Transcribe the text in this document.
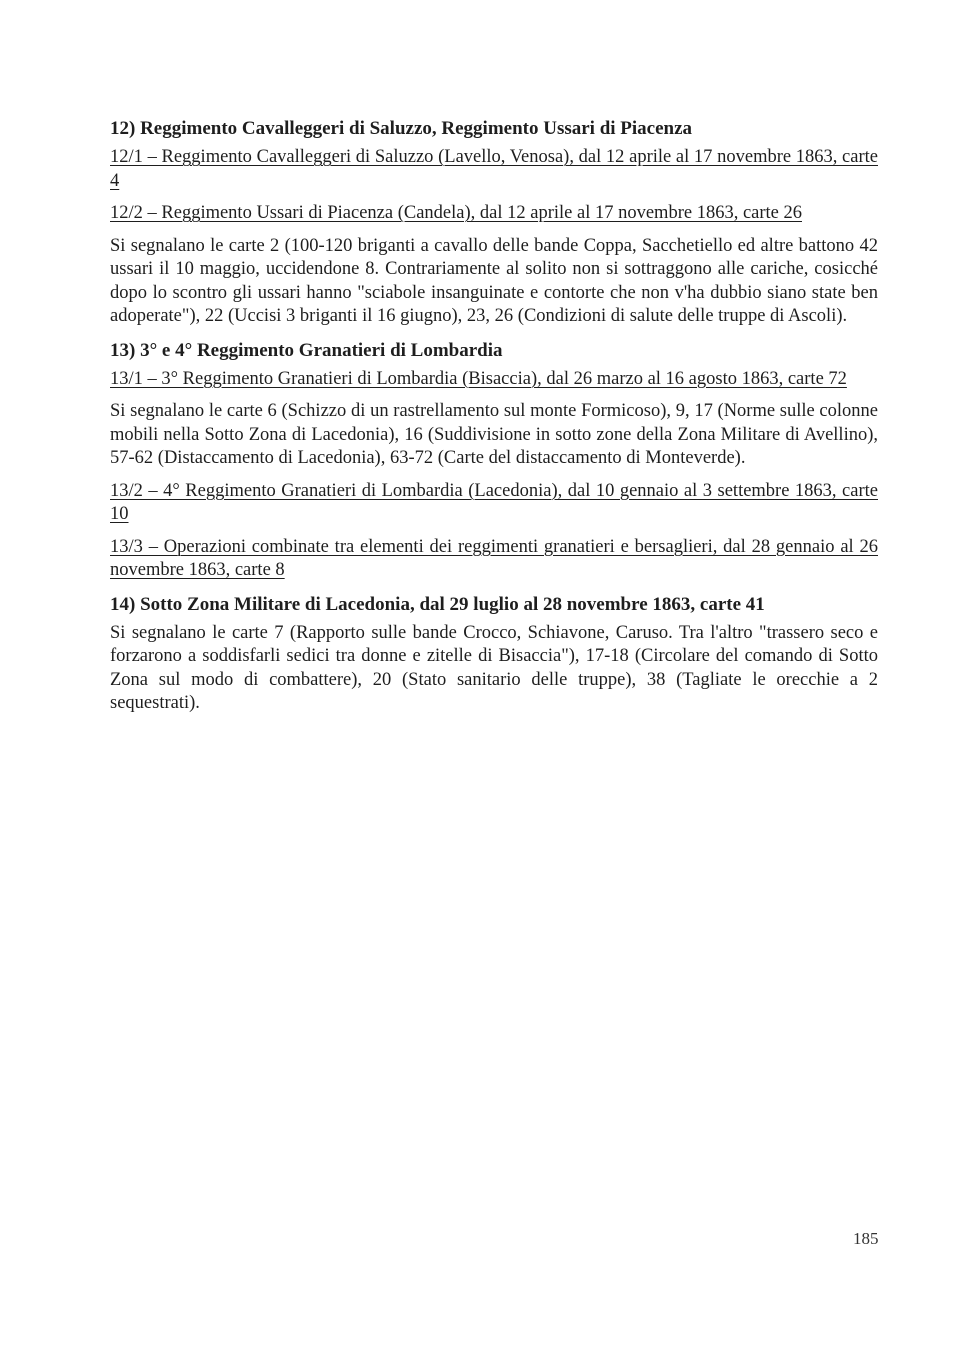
12) Reggimento Cavalleggeri di Saluzzo, Reggimento Ussari di Piacenza
12/1 – Reggimento Cavalleggeri di Saluzzo (Lavello, Venosa), dal 12 aprile al 17 novembre 1863, carte 4
12/2 – Reggimento Ussari di Piacenza (Candela), dal 12 aprile al 17 novembre 1863, carte 26
Si segnalano le carte 2 (100-120 briganti a cavallo delle bande Coppa, Sacchetiello ed altre battono 42 ussari il 10 maggio, uccidendone 8. Contrariamente al solito non si sottraggono alle cariche, cosicché dopo lo scontro gli ussari hanno "sciabole insanguinate e contorte che non v'ha dubbio siano state ben adoperate"), 22 (Uccisi 3 briganti il 16 giugno), 23, 26 (Condizioni di salute delle truppe di Ascoli).
13) 3° e 4° Reggimento Granatieri di Lombardia
13/1 – 3° Reggimento Granatieri di Lombardia (Bisaccia), dal 26 marzo al 16 agosto 1863, carte 72
Si segnalano le carte 6 (Schizzo di un rastrellamento sul monte Formicoso), 9, 17 (Norme sulle colonne mobili nella Sotto Zona di Lacedonia), 16 (Suddivisione in sotto zone della Zona Militare di Avellino), 57-62 (Distaccamento di Lacedonia), 63-72 (Carte del distaccamento di Monteverde).
13/2 – 4° Reggimento Granatieri di Lombardia (Lacedonia), dal 10 gennaio al 3 settembre 1863, carte 10
13/3 – Operazioni combinate tra elementi dei reggimenti granatieri e bersaglieri, dal 28 gennaio al 26 novembre 1863, carte 8
14) Sotto Zona Militare di Lacedonia, dal 29 luglio al 28 novembre 1863, carte 41
Si segnalano le carte 7 (Rapporto sulle bande Crocco, Schiavone, Caruso. Tra l'altro "trassero seco e forzarono a soddisfarli sedici tra donne e zitelle di Bisaccia"), 17-18 (Circolare del comando di Sotto Zona sul modo di combattere), 20 (Stato sanitario delle truppe), 38 (Tagliate le orecchie a 2 sequestrati).
185
